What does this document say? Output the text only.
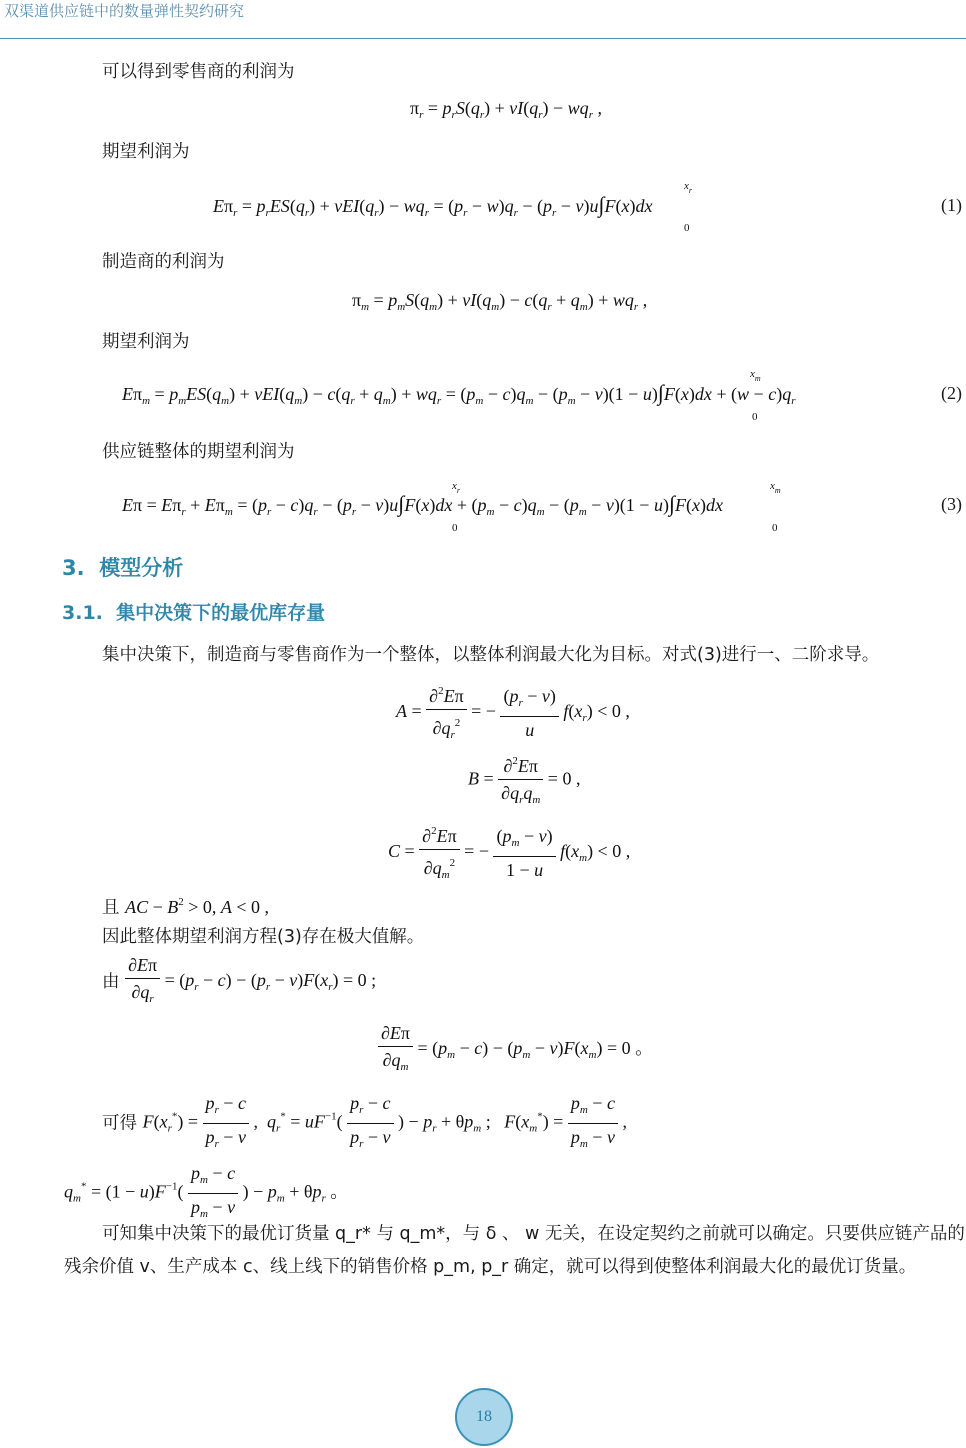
双渠道供应链中的数量弹性契约研究
可以得到零售商的利润为
$\pi_r = p_rS(q_r) + vI(q_r) - wq_r$ ,
期望利润为
$E\pi_r = p_rES(q_r) + vEI(q_r) - wq_r = (p_r - w)q_r - (p_r - v)u\int F(x)dx$
$x_r$
0
(1)
制造商的利润为
$\pi_m = p_mS(q_m) + vI(q_m) - c(q_r + q_m) + wq_r$ ,
期望利润为
$E\pi_m = p_mES(q_m) + vEI(q_m) - c(q_r + q_m) + wq_r = (p_m - c)q_m - (p_m - v)(1 - u)\int F(x)dx + (w - c)q_r$
$x_m$
0
(2)
供应链整体的期望利润为
$E\pi = E\pi_r + E\pi_m = (p_r - c)q_r - (p_r - v)u\int F(x)dx + (p_m - c)q_m - (p_m - v)(1 - u)\int F(x)dx$
$x_r$
0
$x_m$
0
(3)
3. 模型分析
3.1. 集中决策下的最优库存量
集中决策下，制造商与零售商作为一个整体，以整体利润最大化为目标。对式(3)进行一、二阶求导。
$A = \frac{\partial^2E\pi}{\partial q_r^2}$ = − $\frac{(p_r - v)}{u} f(x_r) < 0$ ,
$B = \frac{\partial^2E\pi}{\partial q_rq_m} = 0$ ,
$C = \frac{\partial^2E\pi}{\partial q_m^2}$ = − $\frac{(p_m - v)}{1 - u} f(x_m) < 0$ ,
且 AC − $B^2 > 0$, A < 0 ,
因此整体期望利润方程(3)存在极大值解。
由 $\frac{\partial E\pi}{\partial q_r} = (p_r - c) - (p_r - v)F(x_r) = 0$ ;
$\frac{\partial E\pi}{\partial q_m} = (p_m - c) - (p_m - v)F(x_m) = 0$ 。
可得 $F(x_r^*) = \frac{p_r - c}{p_r - v}$ ,  $q_r^* = uF^{-1}( \frac{p_r - c}{p_r - v}$ ) − $p_r + \theta p_m$ ;   $F(x_m^*) = \frac{p_m - c}{p_m - v}$ ,
$q_m^* = (1 - u)F^{-1}( \frac{p_m - c}{p_m - v}$ ) − $p_m + \theta p_r$ 。
可知集中决策下的最优订货量 q_r* 与 q_m*，与 δ 、 w 无关，在设定契约之前就可以确定。只要供应链产品的残余价值 v、生产成本 c、线上线下的销售价格 p_m, p_r 确定，就可以得到使整体利润最大化的最优订货量。
18
